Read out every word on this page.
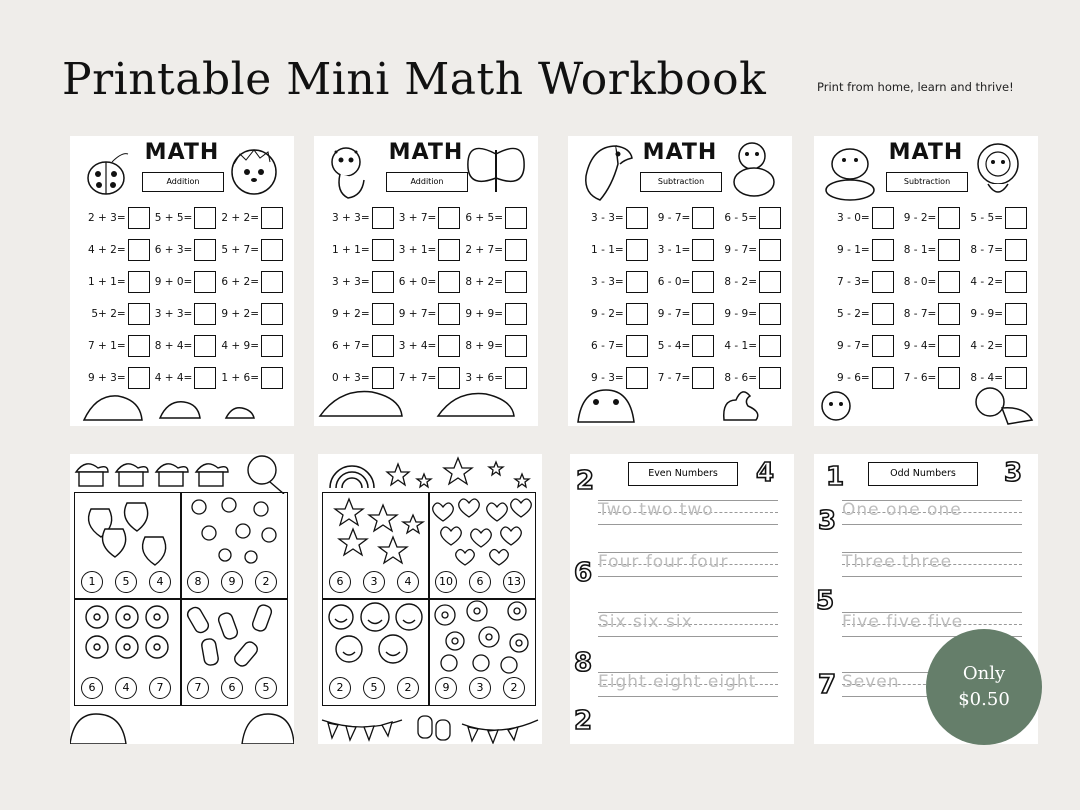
Printable Mini Math Workbook	Print from home, learn and thrive!
MATH
Addition
2 + 3=	5 + 5=	2 + 2=
4 + 2=	6 + 3=	5 + 7=
1 + 1=	9 + 0=	6 + 2=
5+ 2=	3 + 3=	9 + 2=
7 + 1=	8 + 4=	4 + 9=
9 + 3=	4 + 4=	1 + 6=
MATH
Addition
3 + 3=	3 + 7=	6 + 5=
1 + 1=	3 + 1=	2 + 7=
3 + 3=	6 + 0=	8 + 2=
9 + 2=	9 + 7=	9 + 9=
6 + 7=	3 + 4=	8 + 9=
0 + 3=	7 + 7=	3 + 6=
MATH
Subtraction
3 - 3=	9 - 7=	6 - 5=
1 - 1=	3 - 1=	9 - 7=
3 - 3=	6 - 0=	8 - 2=
9 - 2=	9 - 7=	9 - 9=
6 - 7=	5 - 4=	4 - 1=
9 - 3=	7 - 7=	8 - 6=
MATH
Subtraction
3 - 0=	9 - 2=	5 - 5=
9 - 1=	8 - 1=	8 - 7=
7 - 3=	8 - 0=	4 - 2=
5 - 2=	8 - 7=	9 - 9=
9 - 7=	9 - 4=	4 - 2=
9 - 6=	7 - 6=	8 - 4=
1	5	4	8	9	2
6	4	7	7	6	5
6	3	4	10	6	13
2	5	2	9	3	2
Even Numbers
2	4
Two two two
Four four four
6
Six six six
Eight eight eight
8
2
Odd Numbers
1	3
One one one
3
Three three
Five five five
5
Seven
7	Only
$0.50
